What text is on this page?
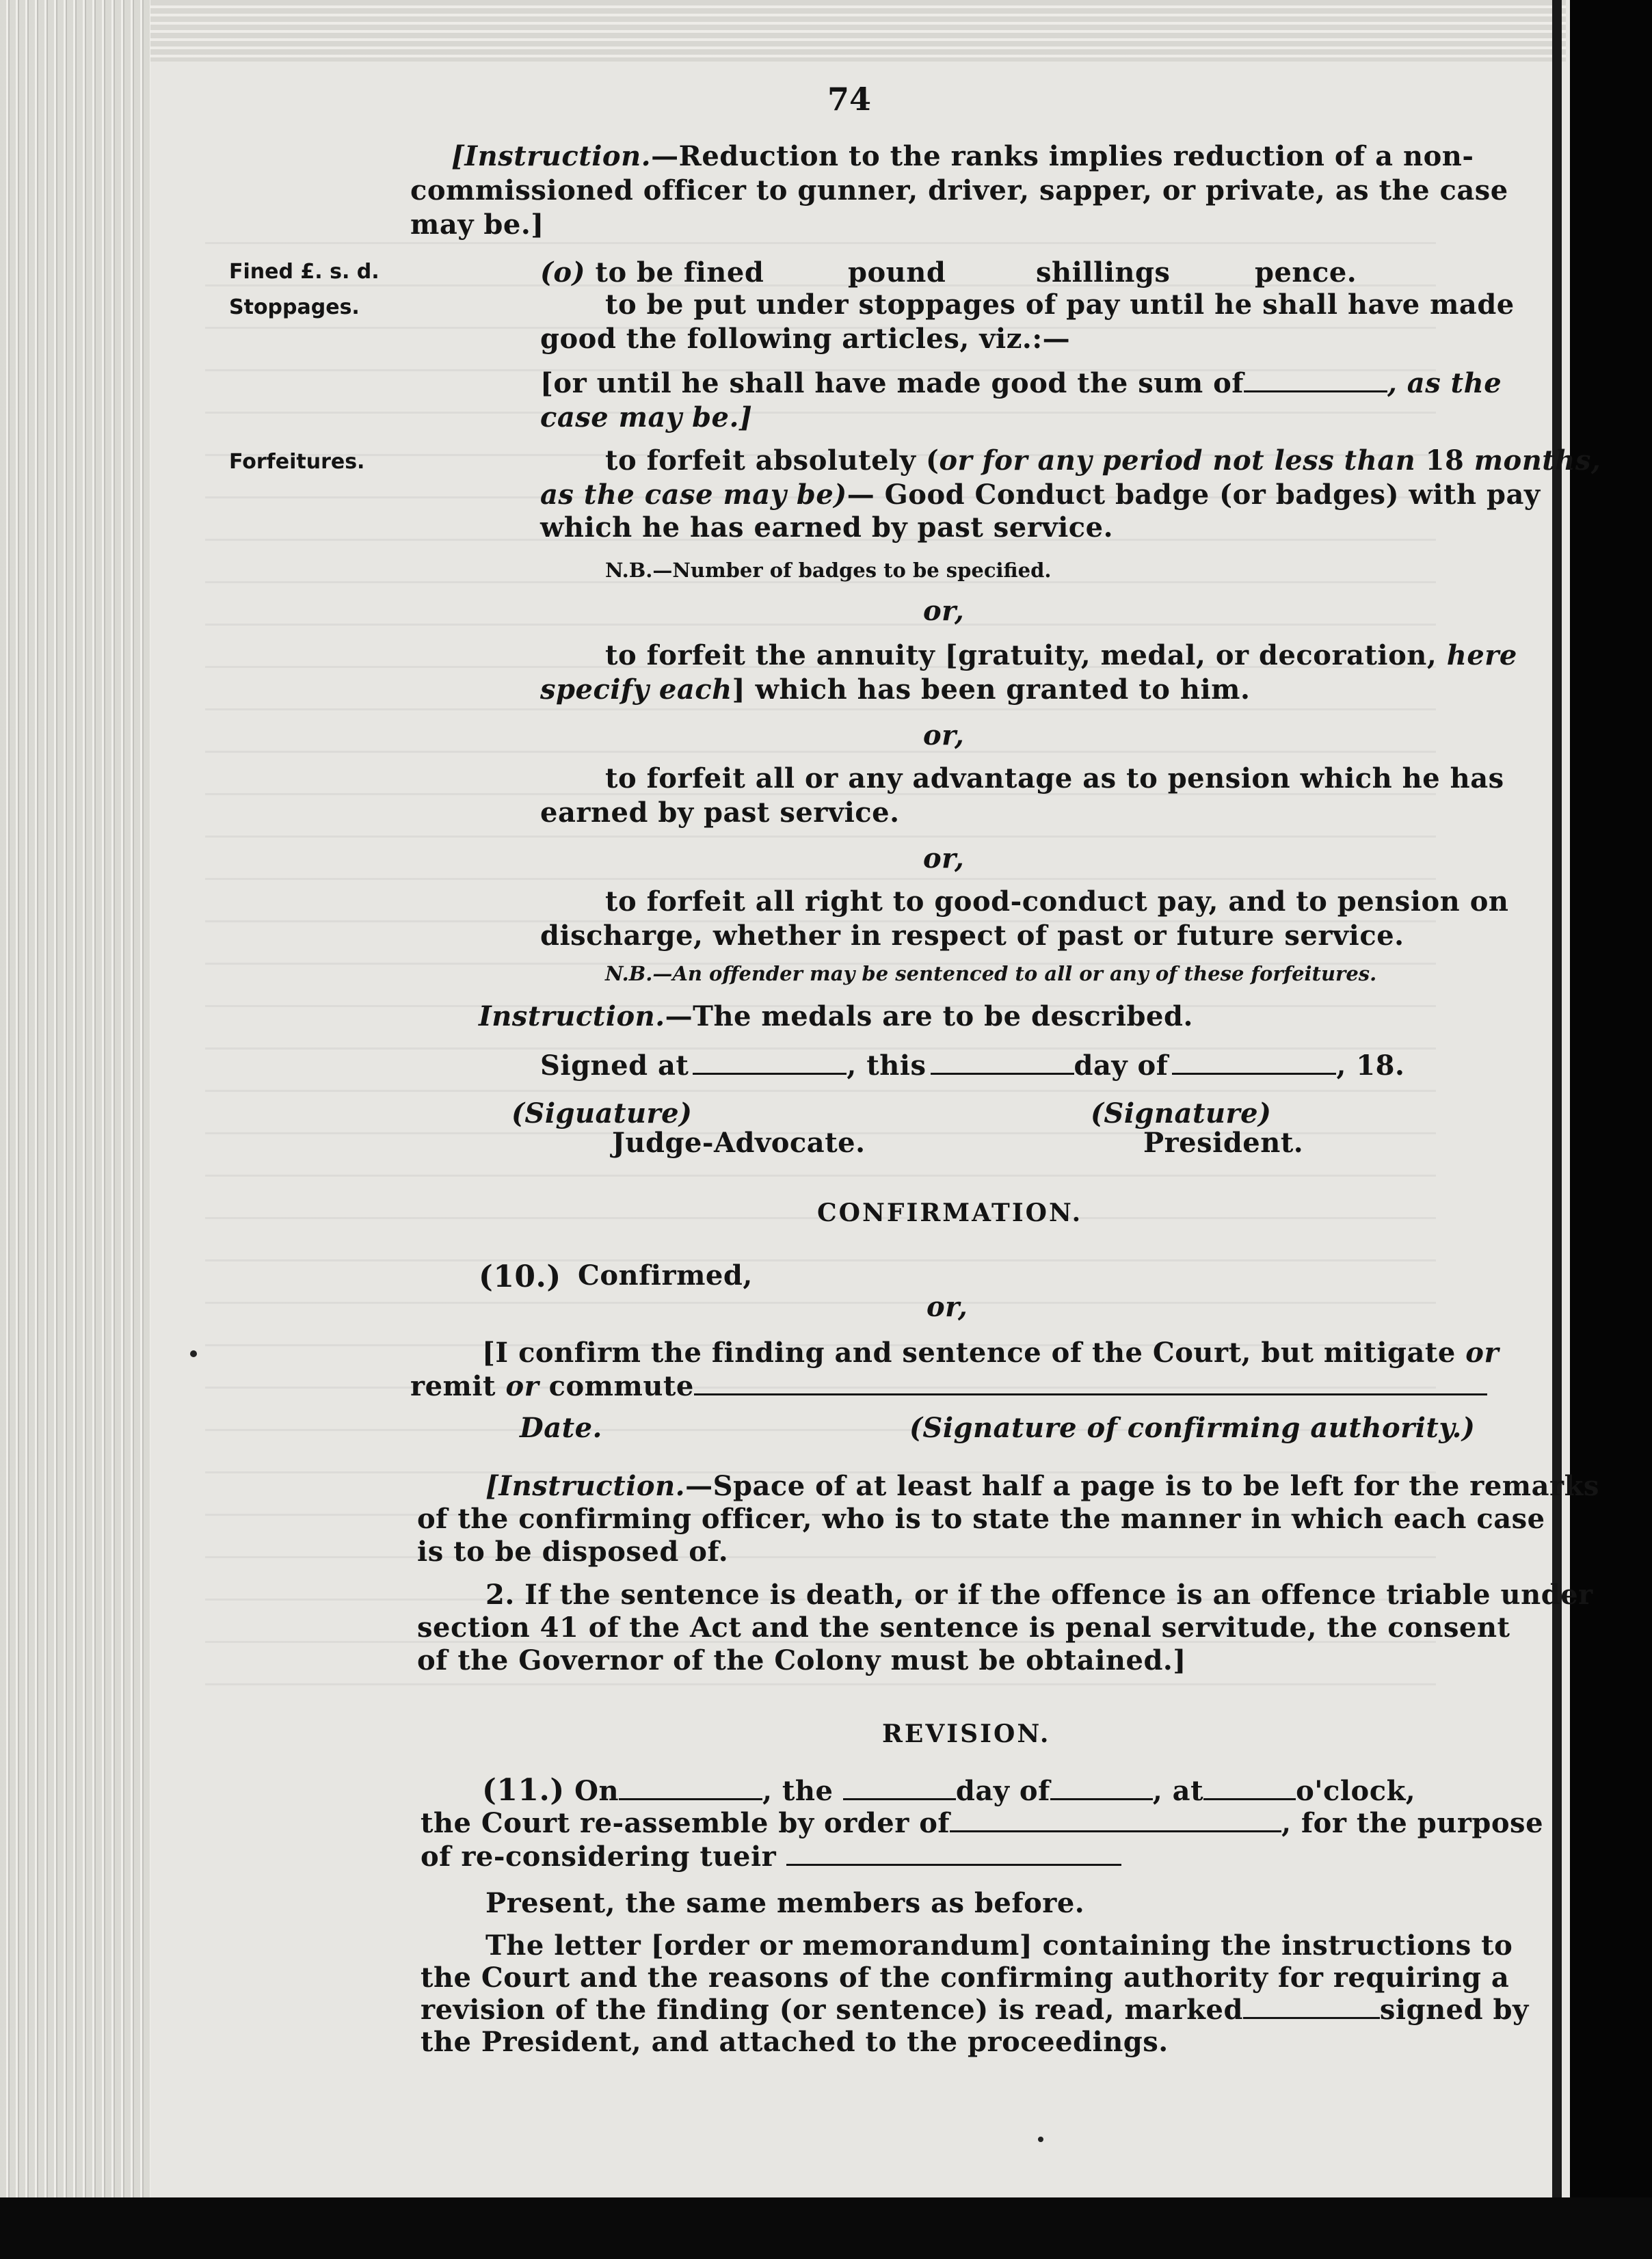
74
[Instruction.—Reduction to the ranks implies reduction of a non-
commissioned officer to gunner, driver, sapper, or private, as the case
may be.]
Fined £. s. d.
Stoppages.
Forfeitures.
(o) to be fined	pound	shillings	pence.
to be put under stoppages of pay until he shall have made
good the following articles, viz.:—
[or until he shall have made good the sum of	, as the
case may be.]
to forfeit absolutely (or for any period not less than 18 months,
as the case may be)— Good Conduct badge (or badges) with pay
which he has earned by past service.
N.B.—Number of badges to be specified.
or,
to forfeit the annuity [gratuity, medal, or decoration, here
specify each] which has been granted to him.
or,
to forfeit all or any advantage as to pension which he has
earned by past service.
or,
to forfeit all right to good-conduct pay, and to pension on
discharge, whether in respect of past or future service.
N.B.—An offender may be sentenced to all or any of these forfeitures.
Instruction.—The medals are to be described.
Signed at	, this	day of	, 18.
(Siguature)	(Signature)
Judge-Advocate.	President.
CONFIRMATION.
(10.) Confirmed,
or,
[I confirm the finding and sentence of the Court, but mitigate or
remit or commute
Date.	(Signature of confirming authority.)
[Instruction.—Space of at least half a page is to be left for the remarks
of the confirming officer, who is to state the manner in which each case
is to be disposed of.
2. If the sentence is death, or if the offence is an offence triable under
section 41 of the Act and the sentence is penal servitude, the consent
of the Governor of the Colony must be obtained.]
REVISION.
(11.) On	, the	day of	, at	o'clock,
the Court re-assemble by order of	, for the purpose
of re-considering tueir
Present, the same members as before.
The letter [order or memorandum] containing the instructions to
the Court and the reasons of the confirming authority for requiring a
revision of the finding (or sentence) is read, marked	signed by
the President, and attached to the proceedings.
